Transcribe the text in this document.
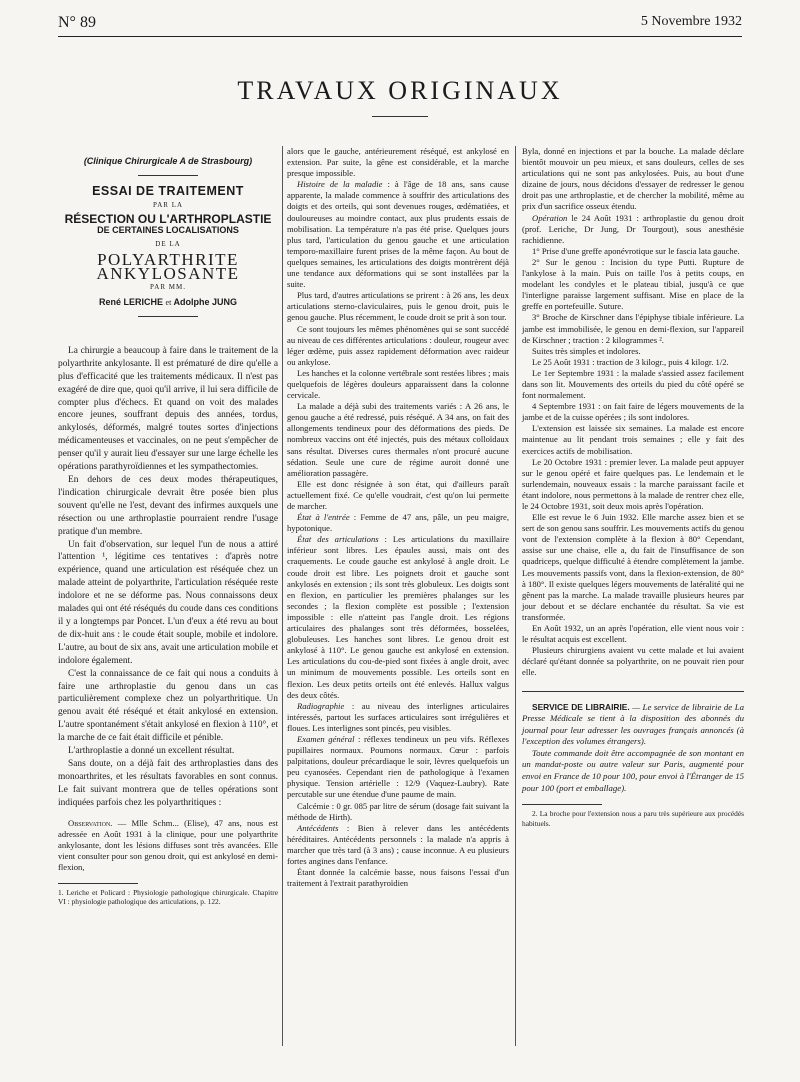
N° 89	5 Novembre 1932
TRAVAUX ORIGINAUX
(Clinique Chirurgicale A de Strasbourg)
ESSAI DE TRAITEMENT
PAR LA
RÉSECTION OU L'ARTHROPLASTIE
DE CERTAINES LOCALISATIONS
DE LA
POLYARTHRITE
ANKYLOSANTE
PAR MM.
René LERICHE et Adolphe JUNG

La chirurgie a beaucoup à faire dans le traitement de la polyarthrite ankylosante. Il est prématuré de dire qu'elle a plus d'efficacité que les traitements médicaux. Il n'est pas exagéré de dire que, quoi qu'il arrive, il lui sera difficile de compter plus d'échecs. Et quand on voit des malades encore jeunes, souffrant depuis des années, tordus, ankylosés, déformés, malgré toutes sortes d'injections médicamenteuses et vaccinales, on ne peut s'empêcher de penser qu'il y aurait lieu d'essayer sur une large échelle les opérations parathyroïdiennes et les sympathectomies.

En dehors de ces deux modes thérapeutiques, l'indication chirurgicale devrait être posée bien plus souvent qu'elle ne l'est, devant des infirmes auxquels une résection ou une arthroplastie pourraient rendre l'usage pratique d'un membre.

Un fait d'observation, sur lequel l'un de nous a attiré l'attention ¹, légitime ces tentatives : d'après notre expérience, quand une articulation est réséquée chez un malade atteint de polyarthrite, l'articulation réséquée reste indolore et ne se déforme pas. Nous connaissons deux malades qui ont été réséqués du coude dans ces conditions il y a longtemps par Poncet. L'un d'eux a été revu au bout de dix-huit ans : le coude était souple, mobile et indolore. L'autre, au bout de six ans, avait une articulation mobile et indolore également.

C'est la connaissance de ce fait qui nous a conduits à faire une arthroplastie du genou dans un cas particulièrement complexe chez un polyarthritique. Un genou avait été réséqué et était ankylosé en extension. L'autre spontanément s'était ankylosé en flexion à 110°, et la marche de ce fait était difficile et pénible.

L'arthroplastie a donné un excellent résultat.

Sans doute, on a déjà fait des arthroplasties dans des monoarthrites, et les résultats favorables en sont connus. Le fait suivant montrera que de telles opérations sont indiquées parfois chez les polyarthritiques :

Observation. — Mlle Schm... (Elise), 47 ans, nous est adressée en Août 1931 à la clinique, pour une polyarthrite ankylosante, dont les lésions diffuses sont très avancées. Elle vient consulter pour son genou droit, qui est ankylosé en demi-flexion,

1. Leriche et Policard : Physiologie pathologique chirurgicale. Chapitre VI : physiologie pathologique des articulations, p. 122.

alors que le gauche, antérieurement réséqué, est ankylosé en extension. Par suite, la gêne est considérable, et la marche presque impossible.

Histoire de la maladie : à l'âge de 18 ans, sans cause apparente, la malade commence à souffrir des articulations des doigts et des orteils, qui sont devenues rouges, œdématiées, et douloureuses au moindre contact, aux plus prudents essais de mobilisation. La température n'a pas été prise. Quelques jours plus tard, l'articulation du genou gauche et une articulation temporo-maxillaire furent prises de la même façon. Au bout de quelques semaines, les articulations des doigts montrèrent déjà une tendance aux déformations qui se sont installées par la suite.

Plus tard, d'autres articulations se prirent : à 26 ans, les deux articulations sterno-claviculaires, puis le genou droit, puis le genou gauche. Plus récemment, le coude droit se prit à son tour.

Ce sont toujours les mêmes phénomènes qui se sont succédé au niveau de ces différentes articulations : douleur, rougeur avec léger œdème, puis assez rapidement déformation avec raideur ou ankylose.

Les hanches et la colonne vertébrale sont restées libres ; mais quelquefois de légères douleurs apparaissent dans la colonne cervicale.

La malade a déjà subi des traitements variés : A 26 ans, le genou gauche a été redressé, puis réséqué. A 34 ans, on fait des allongements tendineux pour des déformations des pieds. De nombreux vaccins ont été injectés, puis des métaux colloïdaux sans résultat. Diverses cures thermales n'ont procuré aucune sédation. Seule une cure de régime auroit donné une amélioration passagère.

Elle est donc résignée à son état, qui d'ailleurs paraît actuellement fixé. Ce qu'elle voudrait, c'est qu'on lui permette de marcher.

État à l'entrée : Femme de 47 ans, pâle, un peu maigre, hypotonique.

État des articulations : Les articulations du maxillaire inférieur sont libres. Les épaules aussi, mais ont des craquements. Le coude gauche est ankylosé à angle droit. Le coude droit est libre. Les poignets droit et gauche sont ankylosés en extension ; ils sont très globuleux. Les doigts sont en flexion, en particulier les premières phalanges sur les secondes ; la flexion complète est possible ; l'extension impossible : elle n'atteint pas l'angle droit. Les régions articulaires des phalanges sont très déformées, bosselées, globuleuses. Les hanches sont libres. Le genou droit est ankylosé à 110°. Le genou gauche est ankylosé en extension. Les articulations du cou-de-pied sont fixées à angle droit, avec un minimum de mouvements possible. Les orteils sont en flexion. Les deux petits orteils ont été enlevés. Hallux valgus des deux côtés.

Radiographie : au niveau des interlignes articulaires intéressés, partout les surfaces articulaires sont irrégulières et floues. Les interlignes sont pincés, peu visibles.

Examen général : réflexes tendineux un peu vifs. Réflexes pupillaires normaux. Poumons normaux. Cœur : parfois palpitations, douleur précardiaque le soir, lèvres quelquefois un peu cyanosées. Cependant rien de pathologique à l'examen physique. Tension artérielle : 12/9 (Vaquez-Laubry). Rate percutable sur une étendue d'une paume de main.

Calcémie : 0 gr. 085 par litre de sérum (dosage fait suivant la méthode de Hirth).

Antécédents : Bien à relever dans les antécédents héréditaires. Antécédents personnels : la malade n'a appris à marcher que très tard (à 3 ans) ; cause inconnue. A eu plusieurs fortes angines dans l'enfance.

Étant donnée la calcémie basse, nous faisons l'essai d'un traitement à l'extrait parathyroïdien

Byla, donné en injections et par la bouche. La malade déclare bientôt mouvoir un peu mieux, et sans douleurs, celles de ses articulations qui ne sont pas ankylosées. Puis, au bout d'une dizaine de jours, nous décidons d'essayer de redresser le genou droit pas une arthroplastie, et de chercher la mobilité, même au prix d'un sacrifice osseux étendu.

Opération le 24 Août 1931 : arthroplastie du genou droit (prof. Leriche, Dr Jung, Dr Tourgout), sous anesthésie rachidienne.

1° Prise d'une greffe aponévrotique sur le fascia lata gauche.

2° Sur le genou : Incision du type Putti. Rupture de l'ankylose à la main. Puis on taille l'os à petits coups, en modelant les condyles et le plateau tibial, jusqu'à ce que l'interligne paraisse largement suffisant. Mise en place de la greffe en portefeuille. Suture.

3° Broche de Kirschner dans l'épiphyse tibiale inférieure. La jambe est immobilisée, le genou en demi-flexion, sur l'appareil de Kirschner ; traction : 2 kilogrammes ².

Suites très simples et indolores.

Le 25 Août 1931 : traction de 3 kilogr., puis 4 kilogr. 1/2.

Le 1er Septembre 1931 : la malade s'assied assez facilement dans son lit. Mouvements des orteils du pied du côté opéré se font normalement.

4 Septembre 1931 : on fait faire de légers mouvements de la jambe et de la cuisse opérées ; ils sont indolores.

L'extension est laissée six semaines. La malade est encore maintenue au lit pendant trois semaines ; elle y fait des exercices actifs de mobilisation.

Le 20 Octobre 1931 : premier lever. La malade peut appuyer sur le genou opéré et faire quelques pas. Le lendemain et le surlendemain, nouveaux essais : la marche paraissant facile et étant indolore, nous permettons à la malade de rentrer chez elle, le 24 Octobre 1931, soit deux mois après l'opération.

Elle est revue le 6 Juin 1932. Elle marche assez bien et se sert de son genou sans souffrir. Les mouvements actifs du genou vont de l'extension complète à la flexion à 80° Cependant, assise sur une chaise, elle a, du fait de l'insuffisance de son quadriceps, quelque difficulté à étendre complètement la jambe. Les mouvements passifs vont, dans la flexion-extension, de 80° à 180°. Il existe quelques légers mouvements de latéralité qui ne gênent pas la marche. La malade travaille plusieurs heures par jour debout et se déclare enchantée du résultat. Sa vie est transformée.

En Août 1932, un an après l'opération, elle vient nous voir : le résultat acquis est excellent.

Plusieurs chirurgiens avaient vu cette malade et lui avaient déclaré qu'étant donnée sa polyarthrite, on ne pouvait rien pour elle.

SERVICE DE LIBRAIRIE. — Le service de librairie de La Presse Médicale se tient à la disposition des abonnés du journal pour leur adresser les ouvrages français annoncés (à l'exception des volumes étrangers).

Toute commande doit être accompagnée de son montant en un mandat-poste ou autre valeur sur Paris, augmenté pour envoi en France de 10 pour 100, pour envoi à l'Étranger de 15 pour 100 (port et emballage).

2. La broche pour l'extension nous a paru très supérieure aux procédés habituels.
